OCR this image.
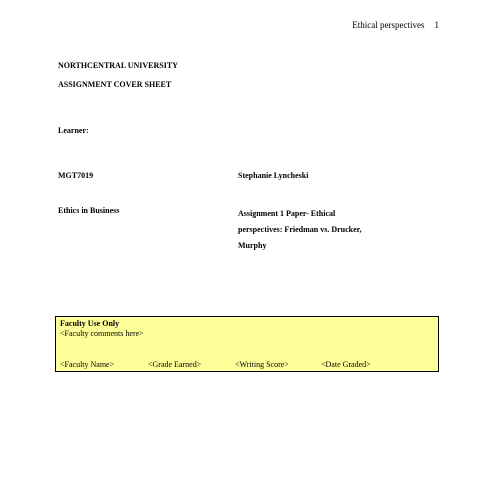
Ethical perspectives 1
NORTHCENTRAL UNIVERSITY
ASSIGNMENT COVER SHEET
Learner:
MGT7019	Stephanie Lyncheski
Ethics in Business	Assignment 1 Paper- Ethical
perspectives: Friedman vs. Drucker,
Murphy
Faculty Use Only
<Faculty comments here>
<Faculty Name>	<Grade Earned>	<Writing Score>	<Date Graded>
